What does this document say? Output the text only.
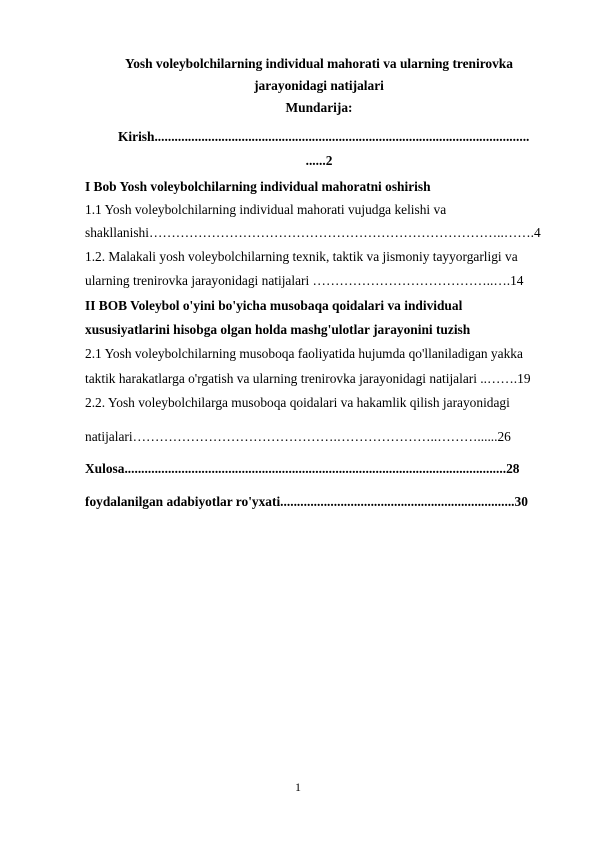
Yosh voleybolchilarning individual mahorati va ularning trenirovka
jarayonidagi natijalari
Mundarija:
Kirish................................................................................................................
......2
I Bob Yosh voleybolchilarning individual mahoratni oshirish
1.1 Yosh voleybolchilarning individual mahorati vujudga kelishi va
shakllanishi……………………………………………………………………..…….4
1.2. Malakali yosh voleybolchilarning texnik, taktik va jismoniy tayyorgarligi va
ularning trenirovka jarayonidagi natijalari …………………………………..….14
II BOB Voleybol o'yini bo'yicha musobaqa qoidalari va individual
xususiyatlarini hisobga olgan holda mashg'ulotlar jarayonini tuzish
2.1 Yosh voleybolchilarning musoboqa faoliyatida hujumda qo'llaniladigan yakka
taktik harakatlarga o'rgatish va ularning trenirovka jarayonidagi natijalari ..…….19
2.2. Yosh voleybolchilarga musoboqa qoidalari va hakamlik qilish jarayonidagi
natijalari……………………………………….…………………..………......26
Xulosa..................................................................................................................28
foydalanilgan adabiyotlar ro'yxati......................................................................30
1
